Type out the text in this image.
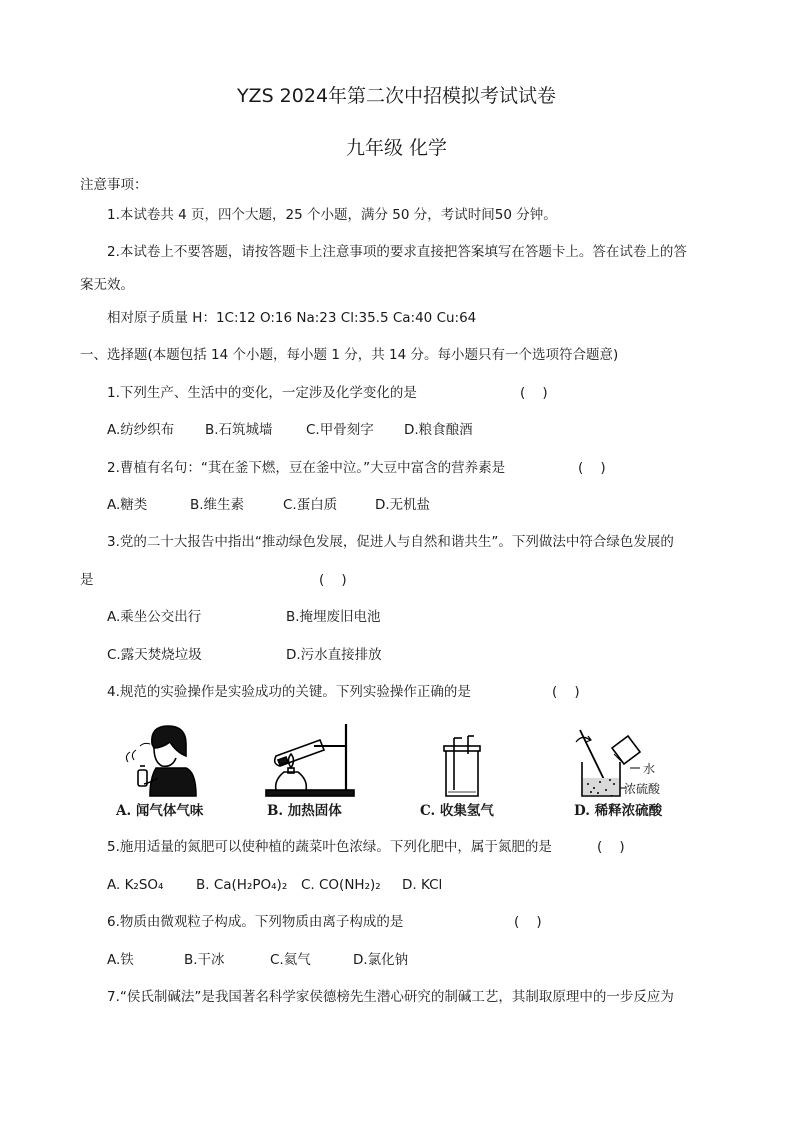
YZS 2024年第二次中招模拟考试试卷
九年级 化学
注意事项：
1.本试卷共 4 页，四个大题，25 个小题，满分 50 分，考试时间50 分钟。
2.本试卷上不要答题，请按答题卡上注意事项的要求直接把答案填写在答题卡上。答在试卷上的答
案无效。
相对原子质量 H：1C:12 O:16 Na:23 Cl:35.5 Ca:40 Cu:64
一、选择题(本题包括 14 个小题，每小题 1 分，共 14 分。每小题只有一个选项符合题意)
1.下列生产、生活中的变化，一定涉及化学变化的是	(    )
A.纺纱织布 B.石筑城墙 C.甲骨刻字 D.粮食酿酒
2.曹植有名句：“萁在釜下燃，豆在釜中泣。”大豆中富含的营养素是	(    )
A.糖类	B.维生素	C.蛋白质	D.无机盐
3.党的二十大报告中指出“推动绿色发展，促进人与自然和谐共生”。下列做法中符合绿色发展的
是	(    )
A.乘坐公交出行	B.掩埋废旧电池
C.露天焚烧垃圾	D.污水直接排放
4.规范的实验操作是实验成功的关键。下列实验操作正确的是	(    )
水
浓硫酸
A. 闻气体气味	B. 加热固体	C. 收集氢气	D. 稀释浓硫酸
5.施用适量的氮肥可以使种植的蔬菜叶色浓绿。下列化肥中，属于氮肥的是	(    )
A. K₂SO₄ B. Ca(H₂PO₄)₂ C. CO(NH₂)₂ D. KCl
6.物质由微观粒子构成。下列物质由离子构成的是	(    )
A.铁	B.干冰	C.氦气	D.氯化钠
7.“侯氏制碱法”是我国著名科学家侯德榜先生潜心研究的制碱工艺，其制取原理中的一步反应为
